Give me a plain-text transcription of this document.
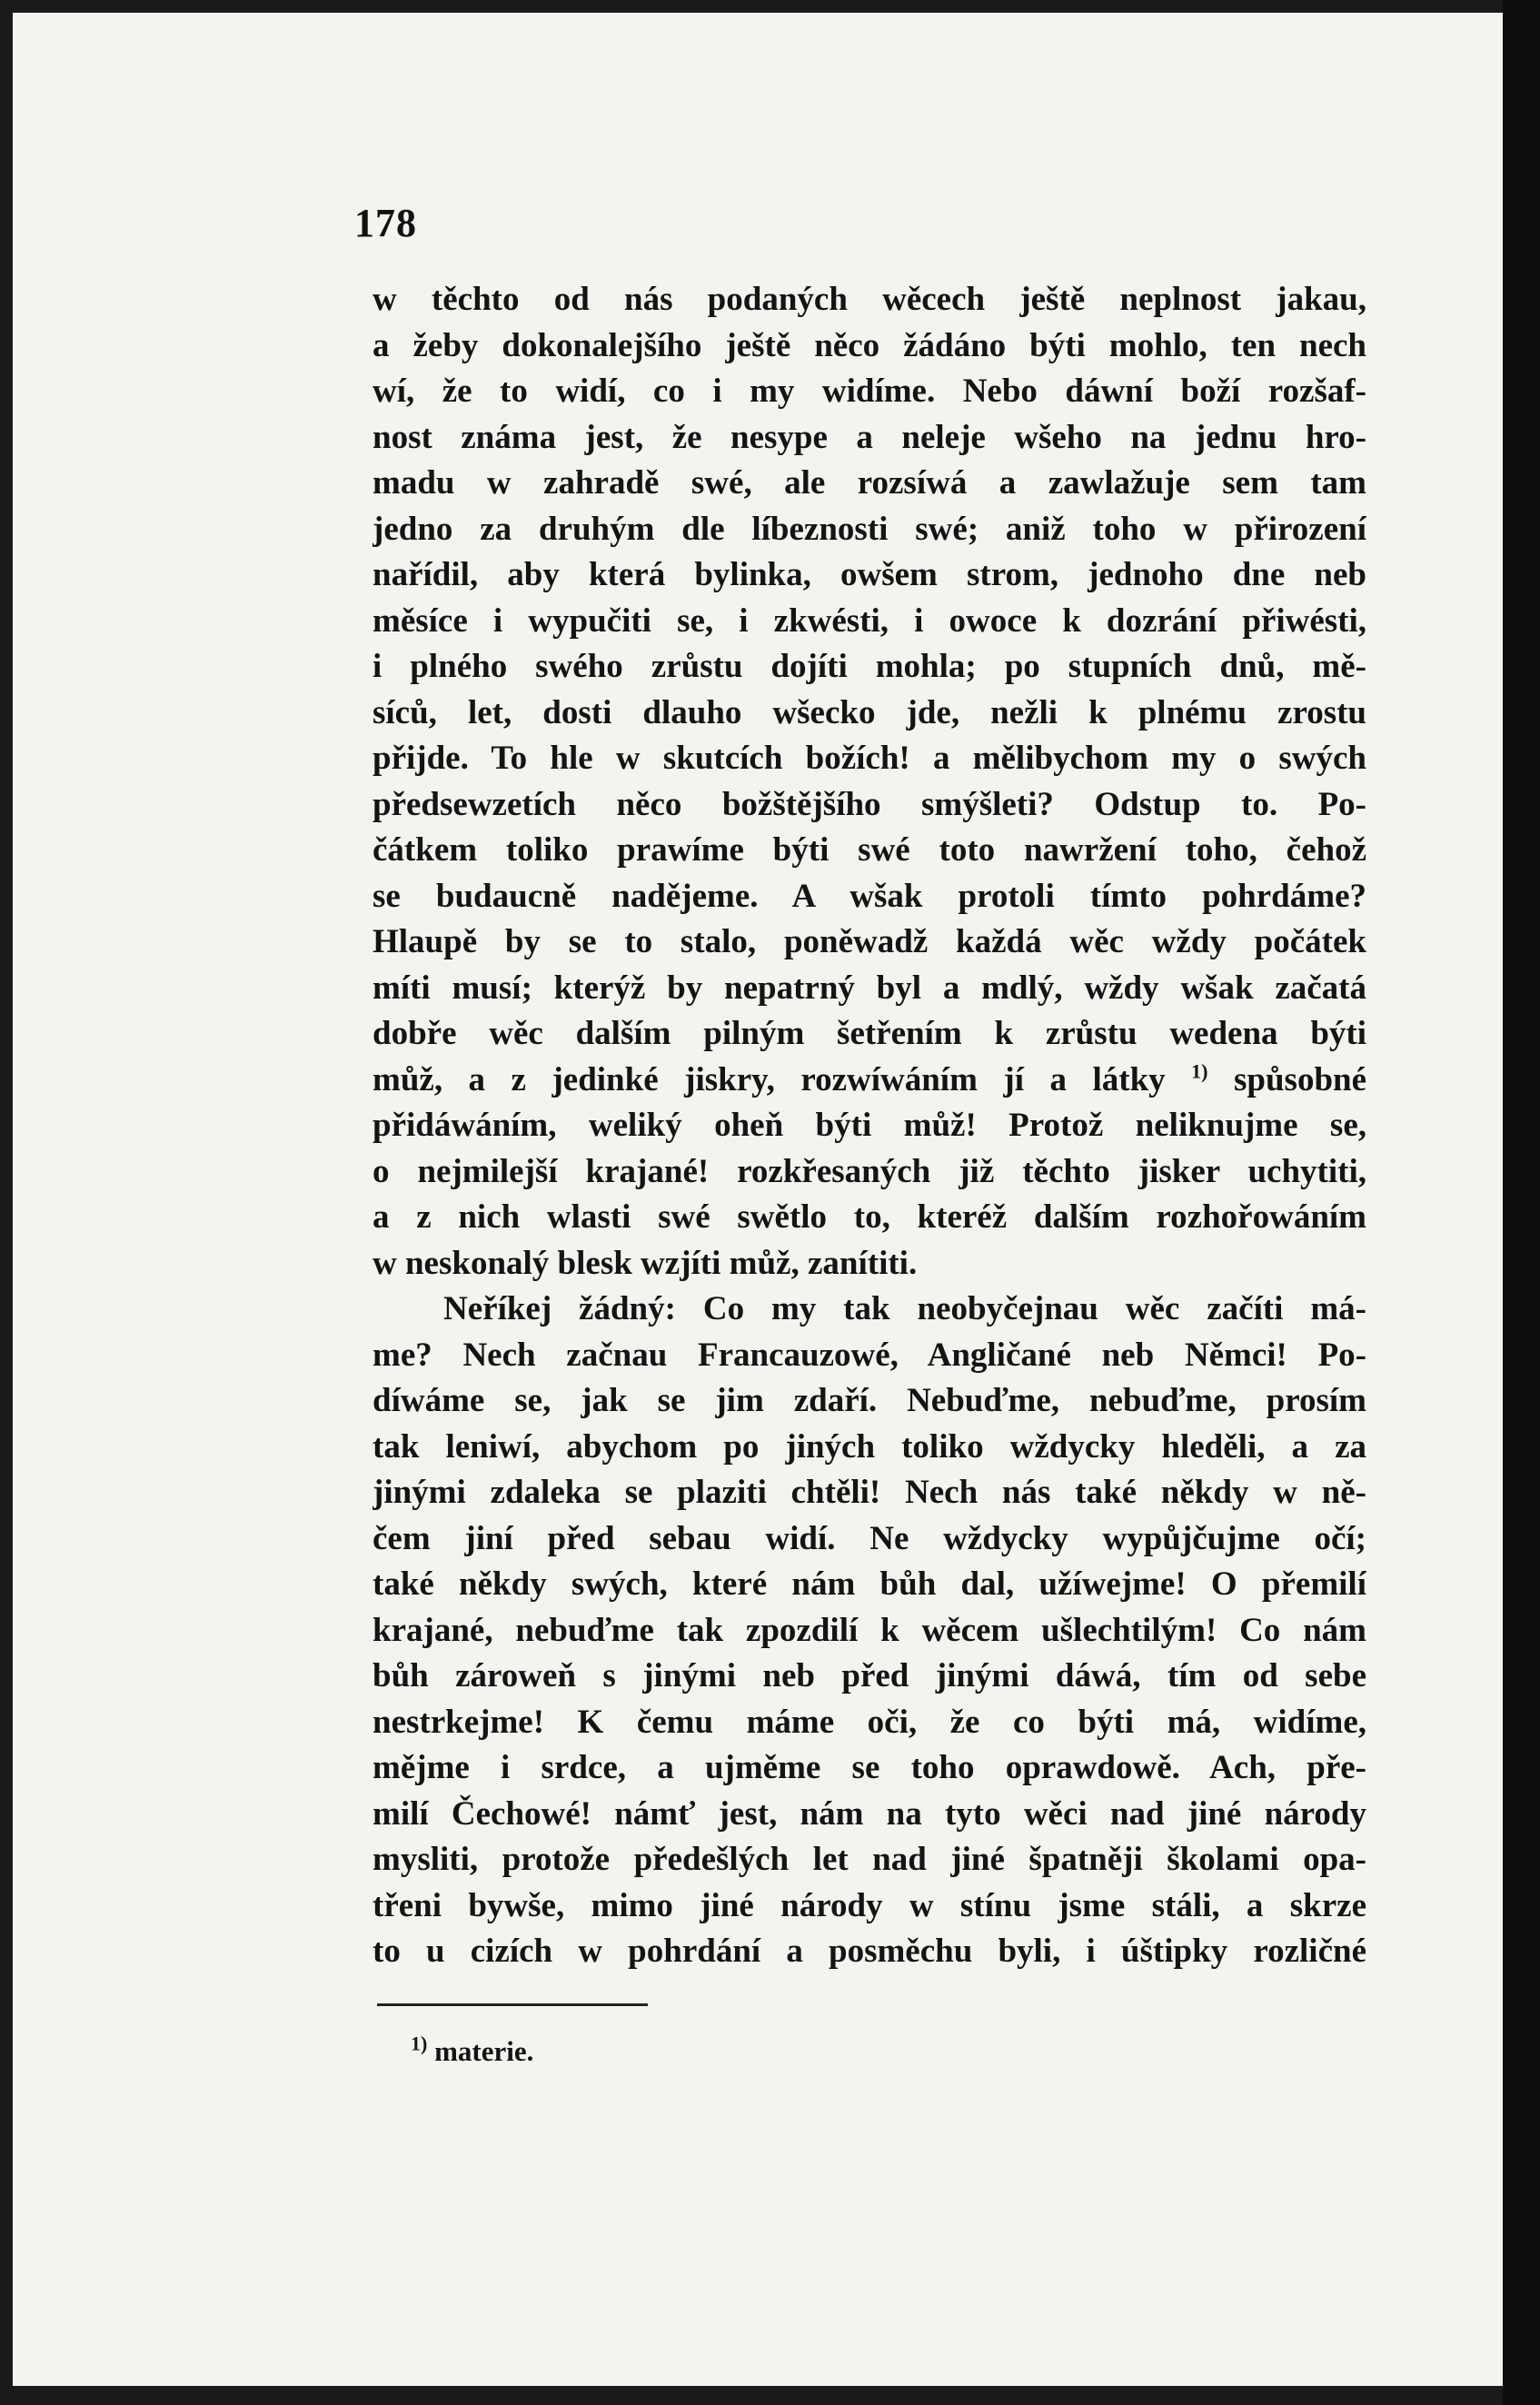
178
w těchto od nás podaných wěcech ještě neplnost jakau,
a žeby dokonalejšího ještě něco žádáno býti mohlo, ten nech
wí, že to widí, co i my widíme. Nebo dáwní boží rozšaf-
nost známa jest, že nesype a neleje wšeho na jednu hro-
madu w zahradě swé, ale rozsíwá a zawlažuje sem tam
jedno za druhým dle líbeznosti swé; aniž toho w přirození
nařídil, aby která bylinka, owšem strom, jednoho dne neb
měsíce i wypučiti se, i zkwésti, i owoce k dozrání přiwésti,
i plného swého zrůstu dojíti mohla; po stupních dnů, mě-
síců, let, dosti dlauho wšecko jde, nežli k plnému zrostu
přijde. To hle w skutcích božích! a mělibychom my o swých
předsewzetích něco božštějšího smýšleti? Odstup to. Po-
čátkem toliko prawíme býti swé toto nawržení toho, čehož
se budaucně naděјeme. A wšak protoli tímto pohrdáme?
Hlaupě by se to stalo, poněwadž každá wěc wždy počátek
míti musí; kterýž by nepatrný byl a mdlý, wždy wšak začatá
dobře wěc dalším pilným šetřením k zrůstu wedena býti
můž, a z jedinké jiskry, rozwíwáním jí a látky $^{1)}$ spůsobné
přidáwáním, weliký oheň býti můž! Protož neliknujme se,
o nejmilejší krajané! rozkřesaných již těchto jisker uchytiti,
a z nich wlasti swé swětlo to, kteréž dalším rozhořowáním
w neskonalý blesk wzjíti můž, zanítiti.
Neříkej žádný: Co my tak neobyčejnau wěc začíti má-
me? Nech začnau Francauzowé, Angličané neb Němci! Po-
díwáme se, jak se jim zdaří. Nebuďme, nebuďme, prosím
tak leniwí, abychom po jiných toliko wždycky hleděli, a za
jinými zdaleka se plaziti chtěli! Nech nás také někdy w ně-
čem jiní před sebau widí. Ne wždycky wypůjčujme očí;
také někdy swých, které nám bůh dal, užíwejme! O přemilí
krajané, nebuďme tak zpozdilí k wěcem ušlechtilým! Co nám
bůh zároweň s jinými neb před jinými dáwá, tím od sebe
nestrkejme! K čemu máme oči, že co býti má, widíme,
mějme i srdce, a ujměme se toho oprawdowě. Ach, pře-
milí Čechowé! námť jest, nám na tyto wěci nad jiné národy
mysliti, protože předešlých let nad jiné špatněji školami opa-
třeni bywše, mimo jiné národy w stínu jsme stáli, a skrze
to u cizích w pohrdání a posměchu byli, i úštipky rozličné
$^{1)}$ materie.
